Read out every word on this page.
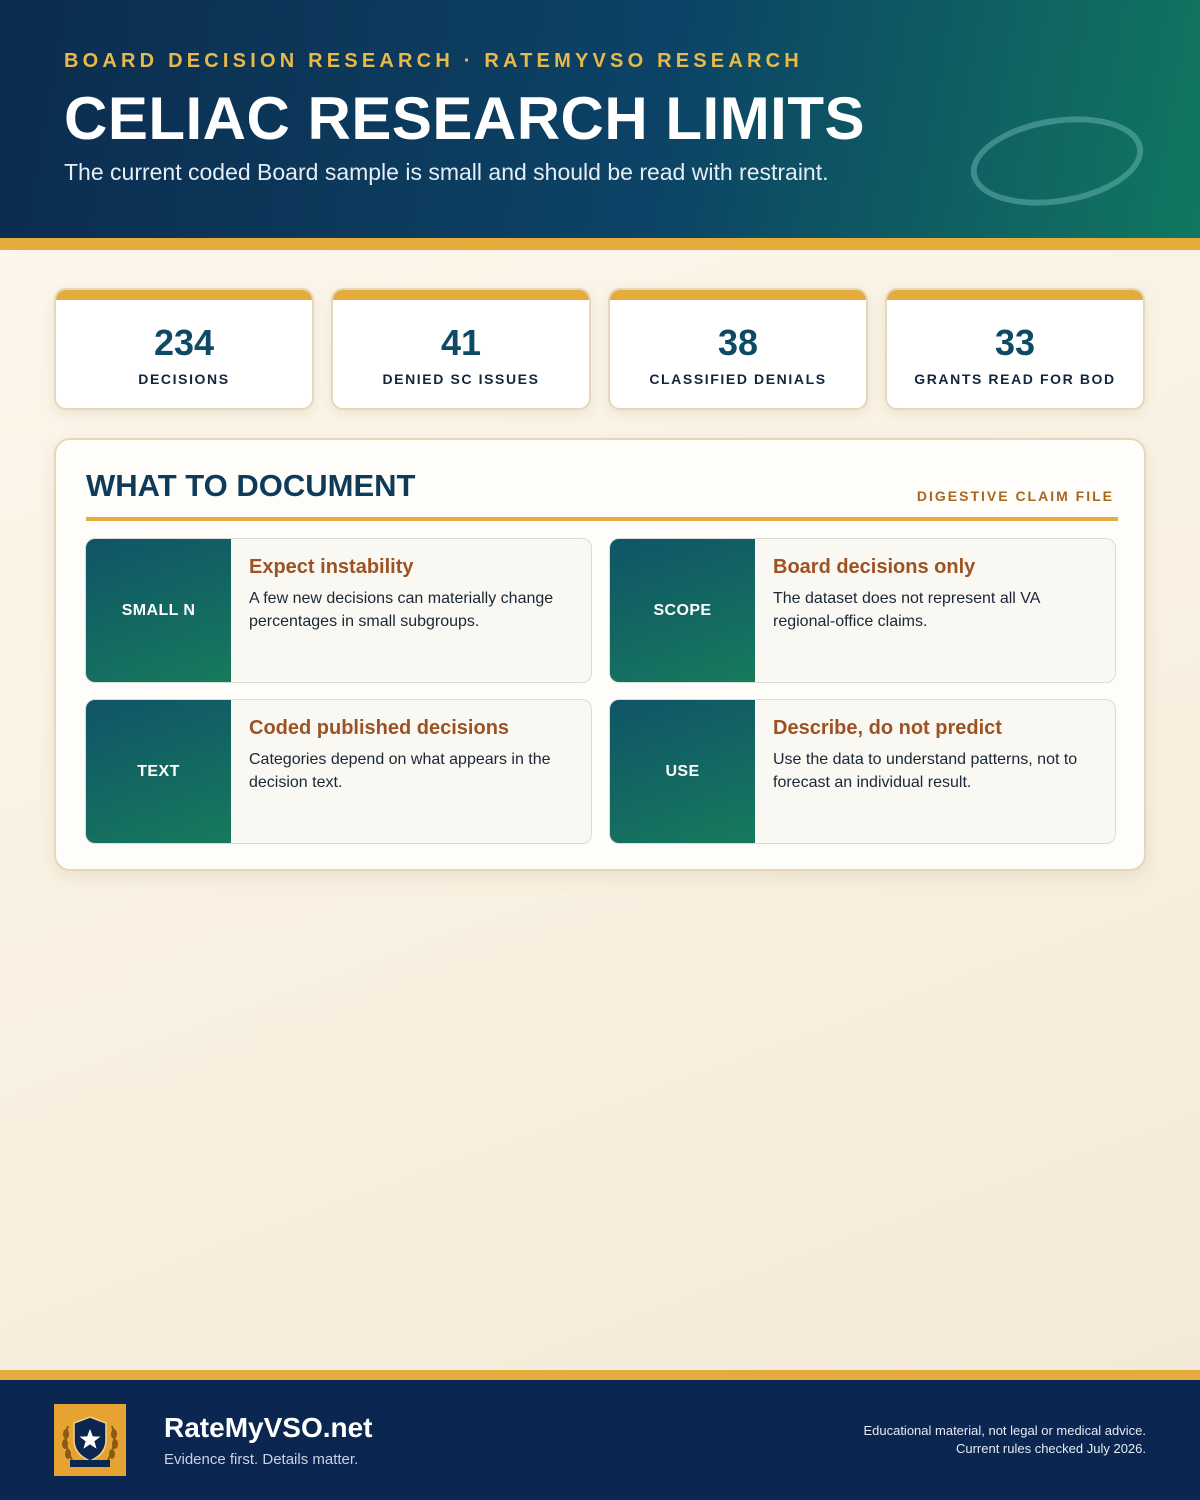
BOARD DECISION RESEARCH · RATEMYVSO RESEARCH
CELIAC RESEARCH LIMITS
The current coded Board sample is small and should be read with restraint.
234
DECISIONS
41
DENIED SC ISSUES
38
CLASSIFIED DENIALS
33
GRANTS READ FOR BOD
WHAT TO DOCUMENT	DIGESTIVE CLAIM FILE
SMALL N
Expect instability
A few new decisions can materially change percentages in small subgroups.
SCOPE
Board decisions only
The dataset does not represent all VA regional-office claims.
TEXT
Coded published decisions
Categories depend on what appears in the decision text.
USE
Describe, do not predict
Use the data to understand patterns, not to forecast an individual result.
RateMyVSO.net
Evidence first. Details matter.
Educational material, not legal or medical advice.
Current rules checked July 2026.
